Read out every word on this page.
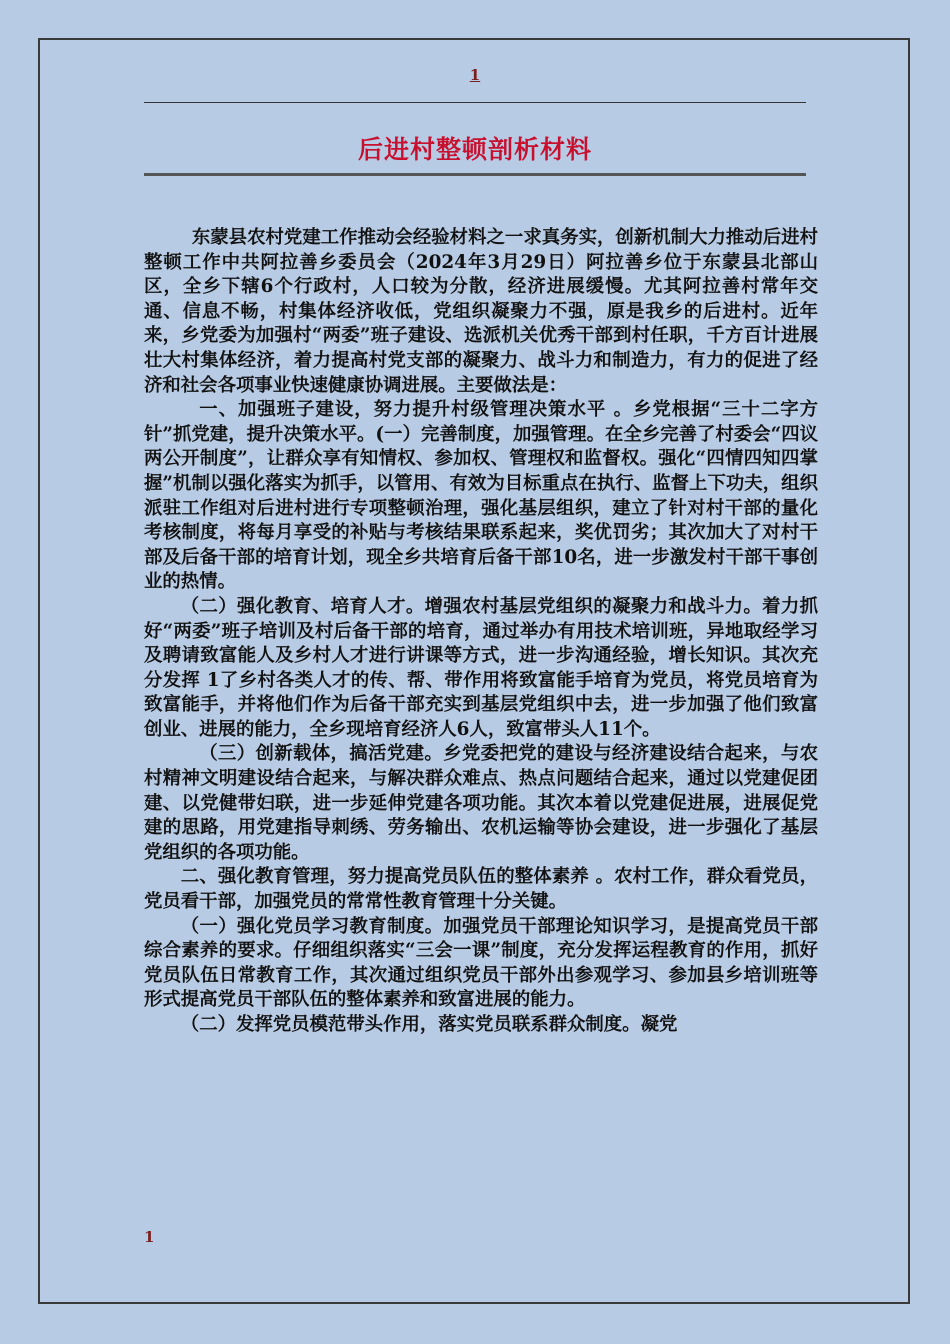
1
后进村整顿剖析材料

东蒙县农村党建工作推动会经验材料之一求真务实，创新机制大力推动后进村整顿工作中共阿拉善乡委员会（2024年3月29日）阿拉善乡位于东蒙县北部山区，全乡下辖6个行政村，人口较为分散，经济进展缓慢。尤其阿拉善村常年交通、信息不畅，村集体经济收低，党组织凝聚力不强，原是我乡的后进村。近年来，乡党委为加强村“两委”班子建设、选派机关优秀干部到村任职，千方百计进展壮大村集体经济，着力提高村党支部的凝聚力、战斗力和制造力，有力的促进了经济和社会各项事业快速健康协调进展。主要做法是：

一、加强班子建设，努力提升村级管理决策水平 。乡党根据“三十二字方针”抓党建，提升决策水平。(一）完善制度，加强管理。在全乡完善了村委会“四议两公开制度”，让群众享有知情权、参加权、管理权和监督权。强化“四情四知四掌握”机制以强化落实为抓手，以管用、有效为目标重点在执行、监督上下功夫，组织派驻工作组对后进村进行专项整顿治理，强化基层组织，建立了针对村干部的量化考核制度，将每月享受的补贴与考核结果联系起来，奖优罚劣；其次加大了对村干部及后备干部的培育计划，现全乡共培育后备干部10名，进一步激发村干部干事创业的热情。

（二）强化教育、培育人才。增强农村基层党组织的凝聚力和战斗力。着力抓好“两委”班子培训及村后备干部的培育，通过举办有用技术培训班，异地取经学习及聘请致富能人及乡村人才进行讲课等方式，进一步沟通经验，增长知识。其次充分发挥 1了乡村各类人才的传、帮、带作用将致富能手培育为党员，将党员培育为致富能手，并将他们作为后备干部充实到基层党组织中去，进一步加强了他们致富创业、进展的能力，全乡现培育经济人6人，致富带头人11个。

（三）创新载体，搞活党建。乡党委把党的建设与经济建设结合起来，与农村精神文明建设结合起来，与解决群众难点、热点问题结合起来，通过以党建促团建、以党健带妇联，进一步延伸党建各项功能。其次本着以党建促进展，进展促党建的思路，用党建指导刺绣、劳务输出、农机运输等协会建设，进一步强化了基层党组织的各项功能。

二、强化教育管理，努力提高党员队伍的整体素养 。农村工作，群众看党员，党员看干部，加强党员的常常性教育管理十分关键。

（一）强化党员学习教育制度。加强党员干部理论知识学习，是提高党员干部综合素养的要求。仔细组织落实“三会一课”制度，充分发挥运程教育的作用，抓好党员队伍日常教育工作，其次通过组织党员干部外出参观学习、参加县乡培训班等形式提高党员干部队伍的整体素养和致富进展的能力。

（二）发挥党员模范带头作用，落实党员联系群众制度。凝党

1
